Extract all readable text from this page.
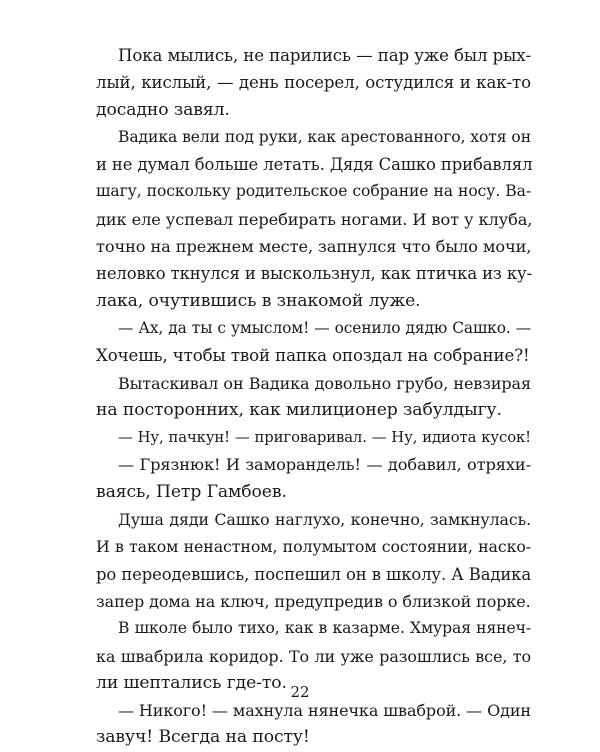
Пока мылись, не парились — пар уже был рых-
лый, кислый, — день посерел, остудился и как-то
досадно завял.
Вадика вели под руки, как арестованного, хотя он
и не думал больше летать. Дядя Сашко прибавлял
шагу, поскольку родительское собрание на носу. Ва-
дик еле успевал перебирать ногами. И вот у клуба,
точно на прежнем месте, запнулся что было мочи,
неловко ткнулся и выскользнул, как птичка из ку-
лака, очутившись в знакомой луже.
— Ах, да ты с умыслом! — осенило дядю Сашко. —
Хочешь, чтобы твой папка опоздал на собрание?!
Вытаскивал он Вадика довольно грубо, невзирая
на посторонних, как милиционер забулдыгу.
— Ну, пачкун! — приговаривал. — Ну, идиота кусок!
— Грязнюк! И заморандель! — добавил, отряхи-
ваясь, Петр Гамбоев.
Душа дяди Сашко наглухо, конечно, замкнулась.
И в таком ненастном, полумытом состоянии, наско-
ро переодевшись, поспешил он в школу. А Вадика
запер дома на ключ, предупредив о близкой порке.
В школе было тихо, как в казарме. Хмурая нянеч-
ка швабрила коридор. То ли уже разошлись все, то
ли шептались где-то.
— Никого! — махнула нянечка шваброй. — Один
завуч! Всегда на посту!
22
